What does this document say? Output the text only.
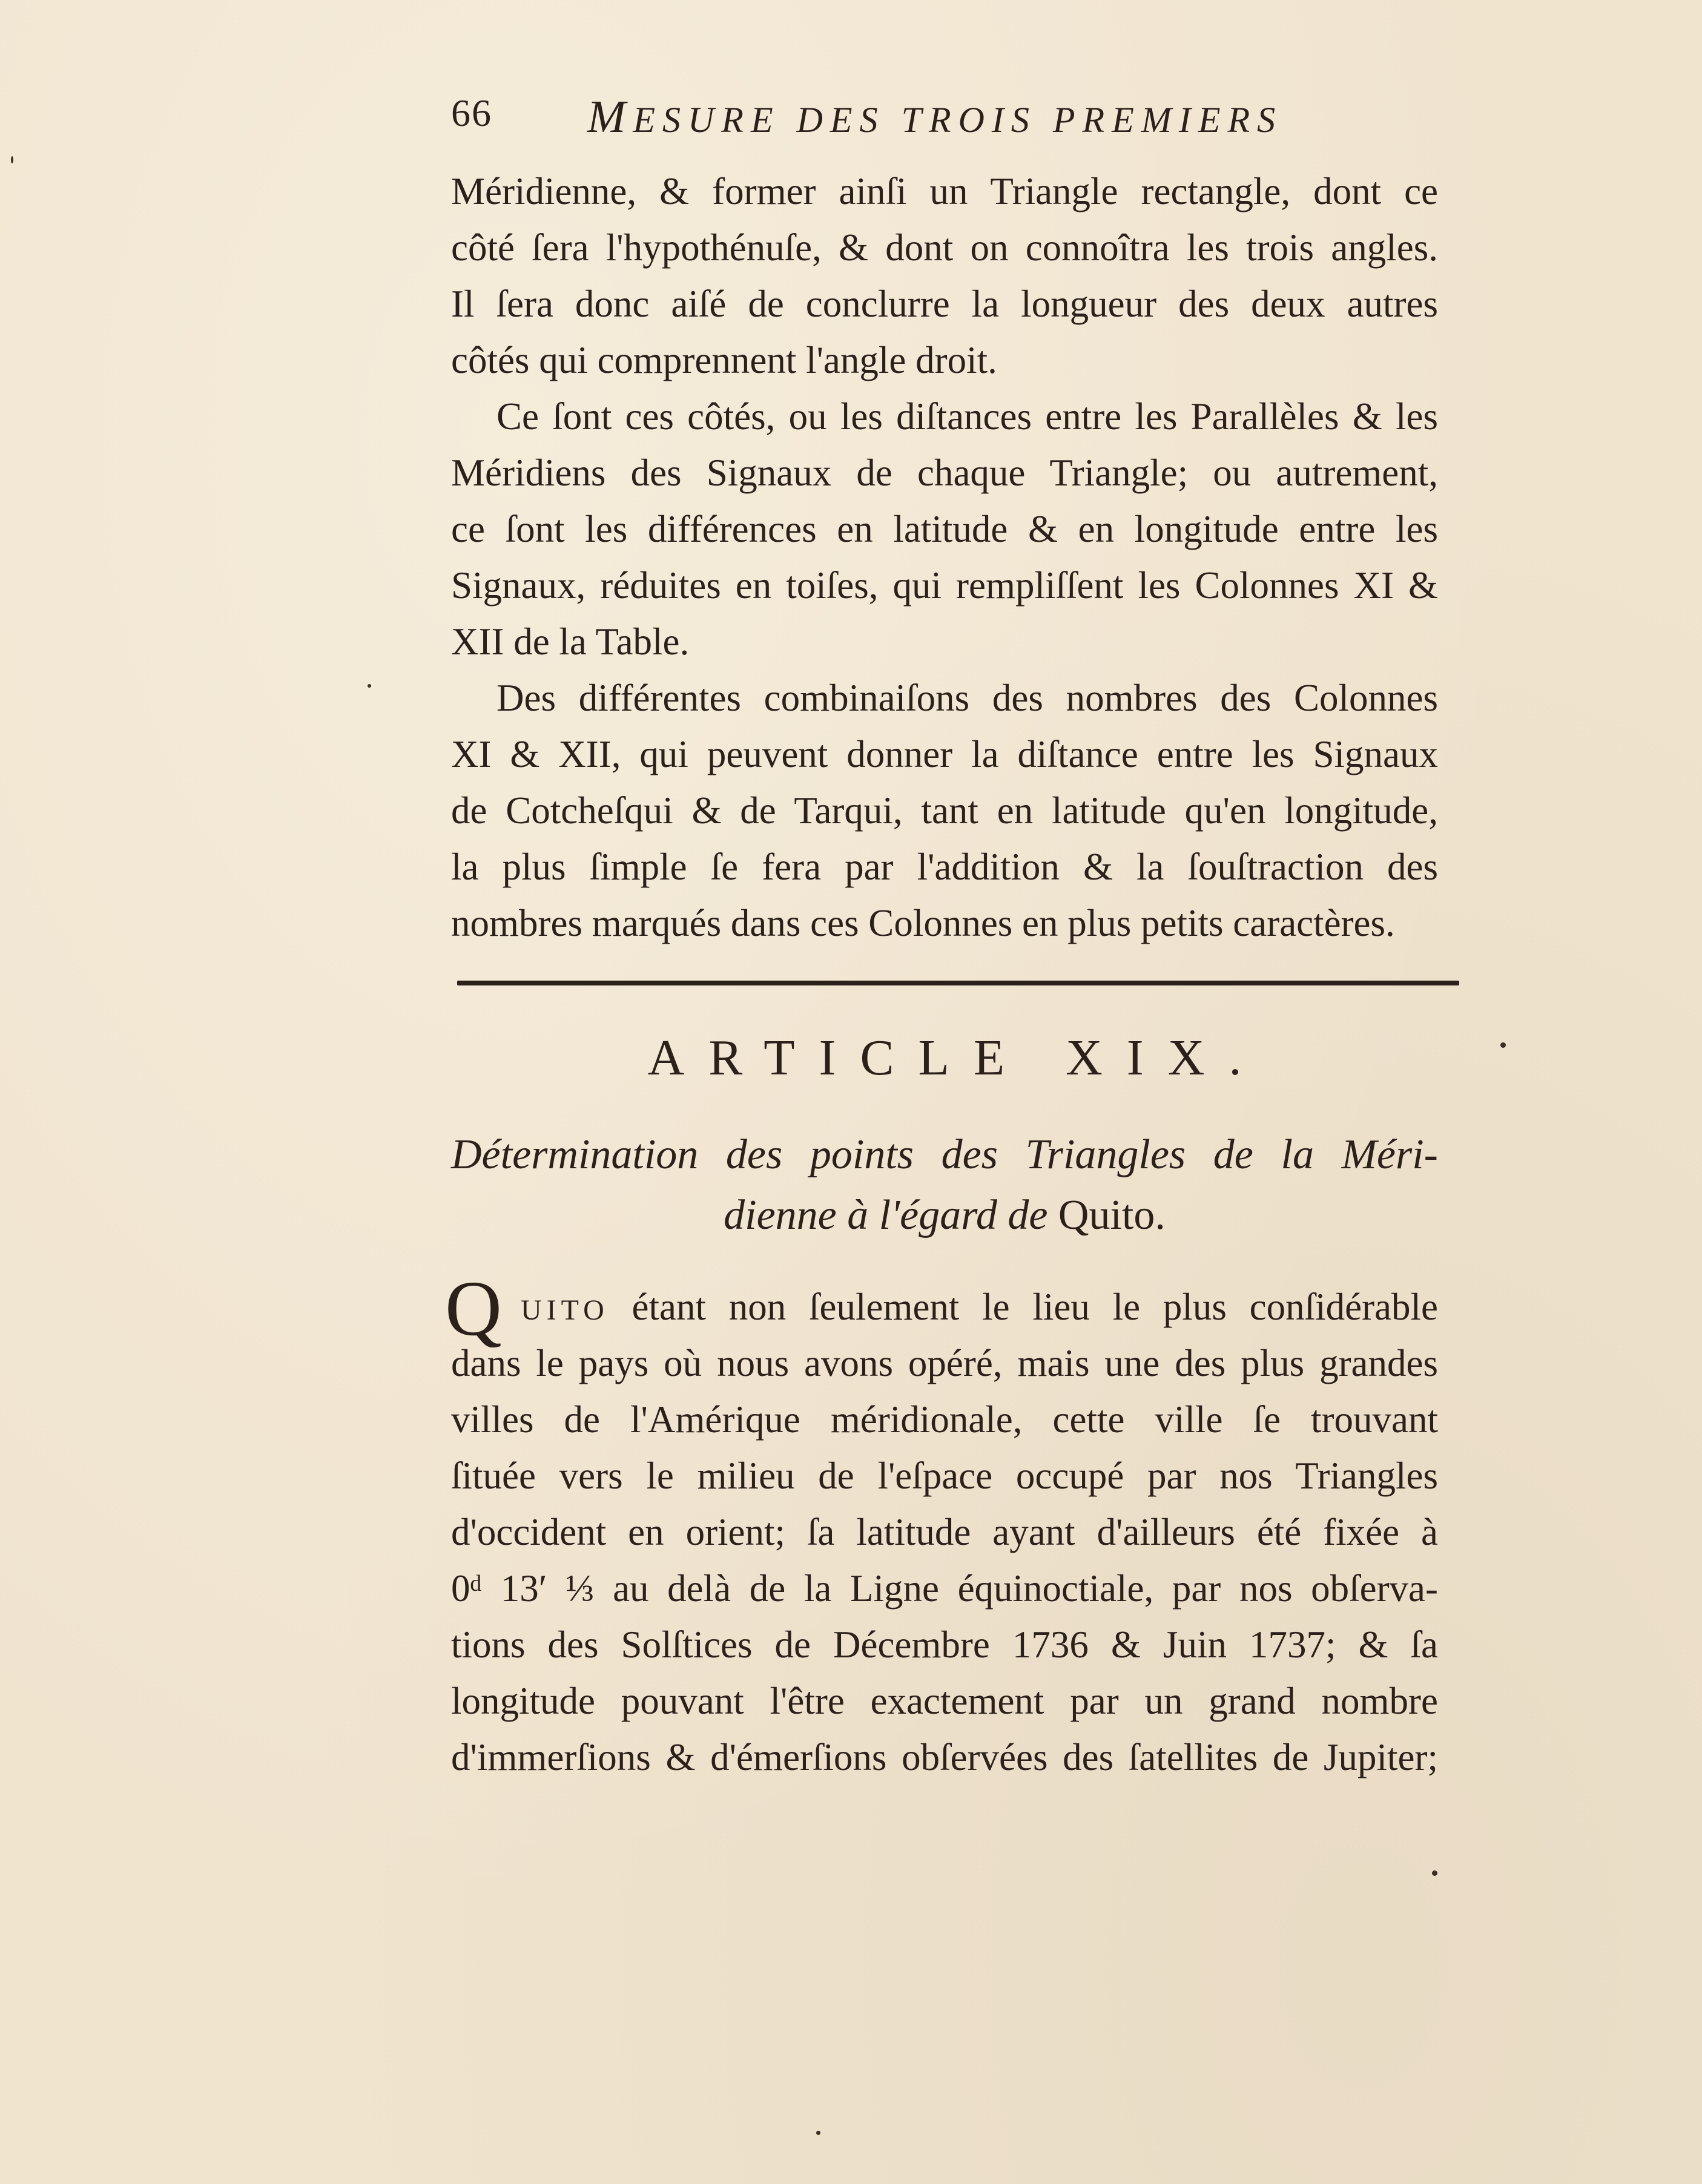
66 MESURE DES TROIS PREMIERS
Méridienne, & former ainſi un Triangle rectangle, dont ce
côté ſera l'hypothénuſe, & dont on connoîtra les trois angles.
Il ſera donc aiſé de conclurre la longueur des deux autres
côtés qui comprennent l'angle droit.
Ce ſont ces côtés, ou les diſtances entre les Parallèles & les
Méridiens des Signaux de chaque Triangle; ou autrement,
ce ſont les différences en latitude & en longitude entre les
Signaux, réduites en toiſes, qui rempliſſent les Colonnes XI &
XII de la Table.
Des différentes combinaiſons des nombres des Colonnes
XI & XII, qui peuvent donner la diſtance entre les Signaux
de Cotcheſqui & de Tarqui, tant en latitude qu'en longitude,
la plus ſimple ſe fera par l'addition & la ſouſtraction des
nombres marqués dans ces Colonnes en plus petits caractères.
ARTICLE XIX.
Détermination des points des Triangles de la Méri-
dienne à l'égard de Quito.
Q UITO étant non ſeulement le lieu le plus conſidérable
dans le pays où nous avons opéré, mais une des plus grandes
villes de l'Amérique méridionale, cette ville ſe trouvant
ſituée vers le milieu de l'eſpace occupé par nos Triangles
d'occident en orient; ſa latitude ayant d'ailleurs été fixée à
0ᵈ 13′ ⅓ au delà de la Ligne équinoctiale, par nos obſerva-
tions des Solſtices de Décembre 1736 & Juin 1737; & ſa
longitude pouvant l'être exactement par un grand nombre
d'immerſions & d'émerſions obſervées des ſatellites de Jupiter;
